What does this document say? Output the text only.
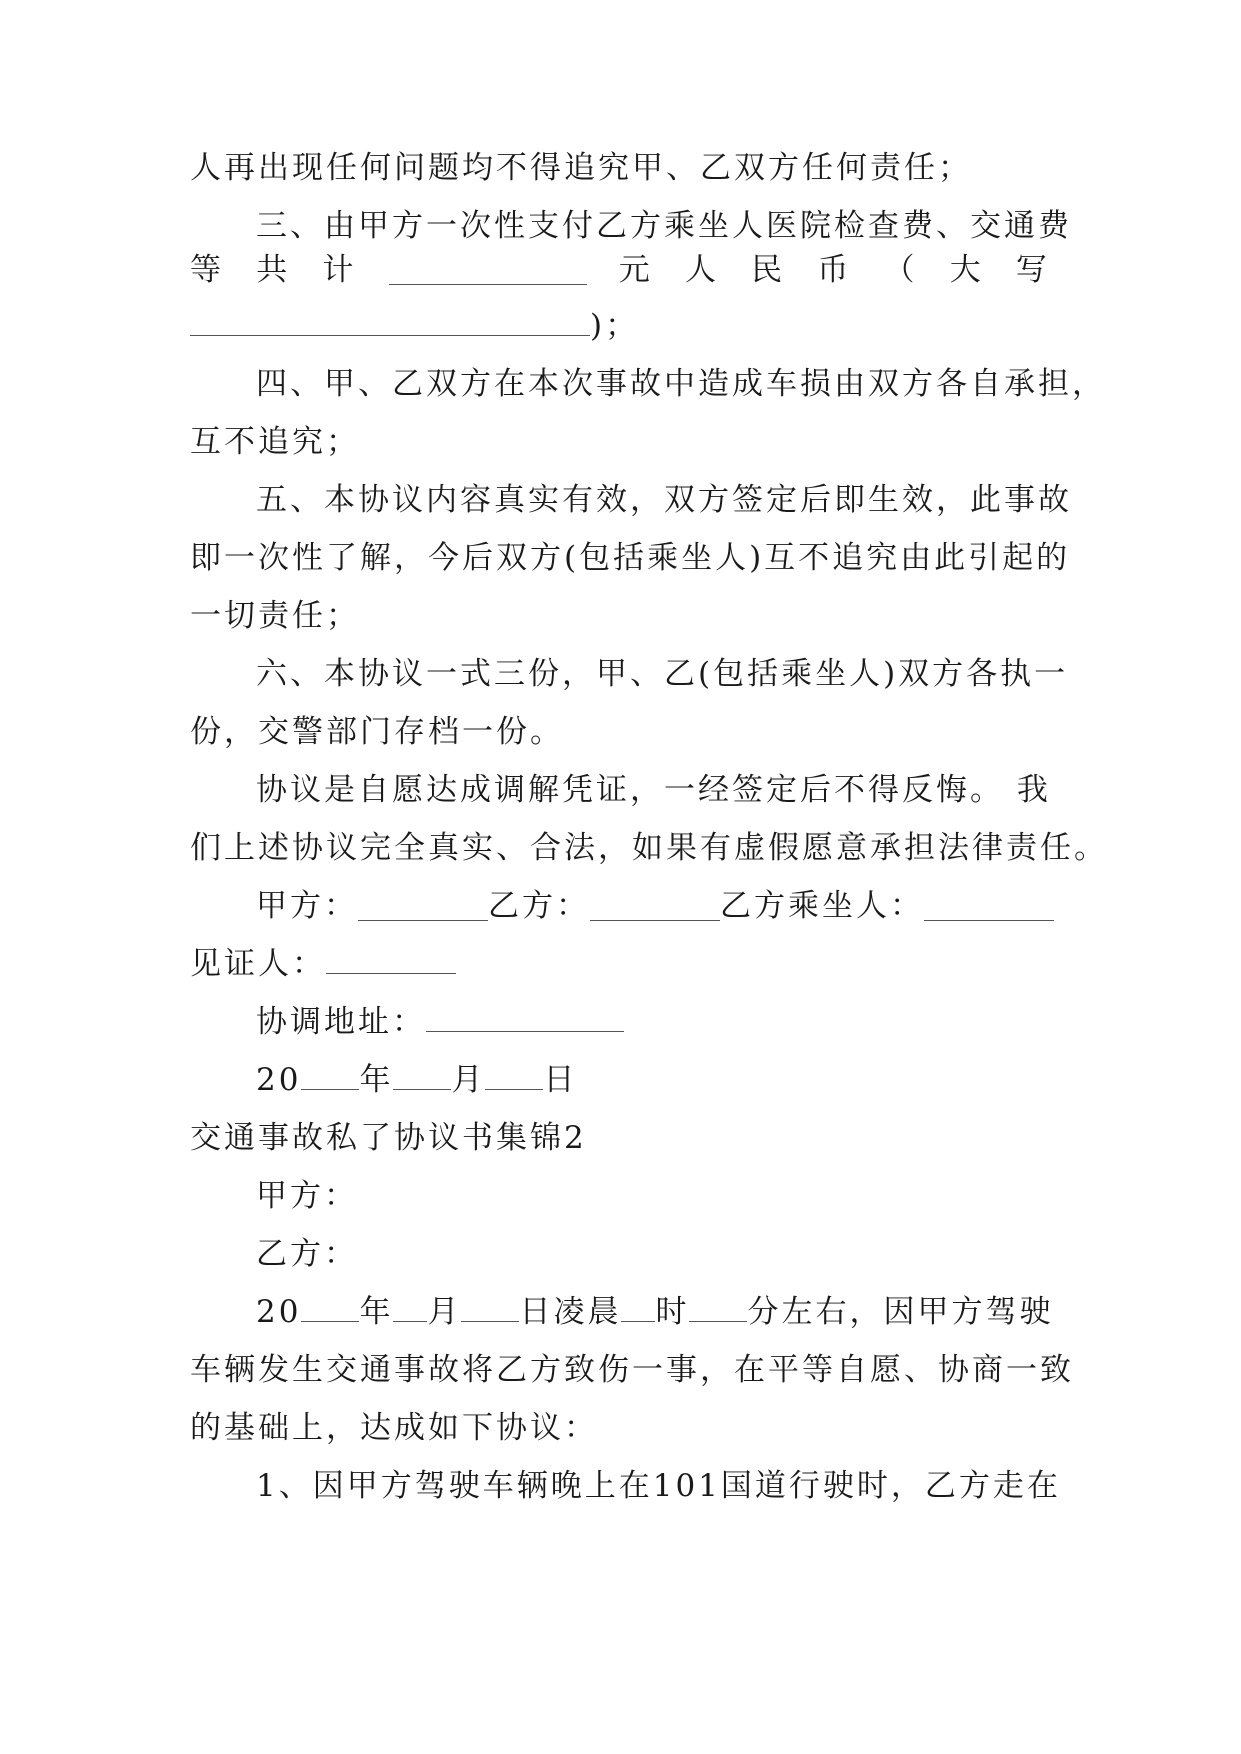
人再出现任何问题均不得追究甲、乙双方任何责任；
三、由甲方一次性支付乙方乘坐人医院检查费、交通费
等 共 计	元 人 民 币 （ 大 写
)；
四、甲、乙双方在本次事故中造成车损由双方各自承担，
互不追究；
五、本协议内容真实有效，双方签定后即生效，此事故
即一次性了解，今后双方(包括乘坐人)互不追究由此引起的
一切责任；
六、本协议一式三份，甲、乙(包括乘坐人)双方各执一
份，交警部门存档一份。
协议是自愿达成调解凭证，一经签定后不得反悔。 我
们上述协议完全真实、合法，如果有虚假愿意承担法律责任。
甲方：	乙方：	乙方乘坐人：
见证人：
协调地址：
20 年 月 日
交通事故私了协议书集锦2
甲方：
乙方：
20 年 月 日凌晨 时 分左右，因甲方驾驶
车辆发生交通事故将乙方致伤一事，在平等自愿、协商一致
的基础上，达成如下协议：
1、因甲方驾驶车辆晚上在101国道行驶时，乙方走在
